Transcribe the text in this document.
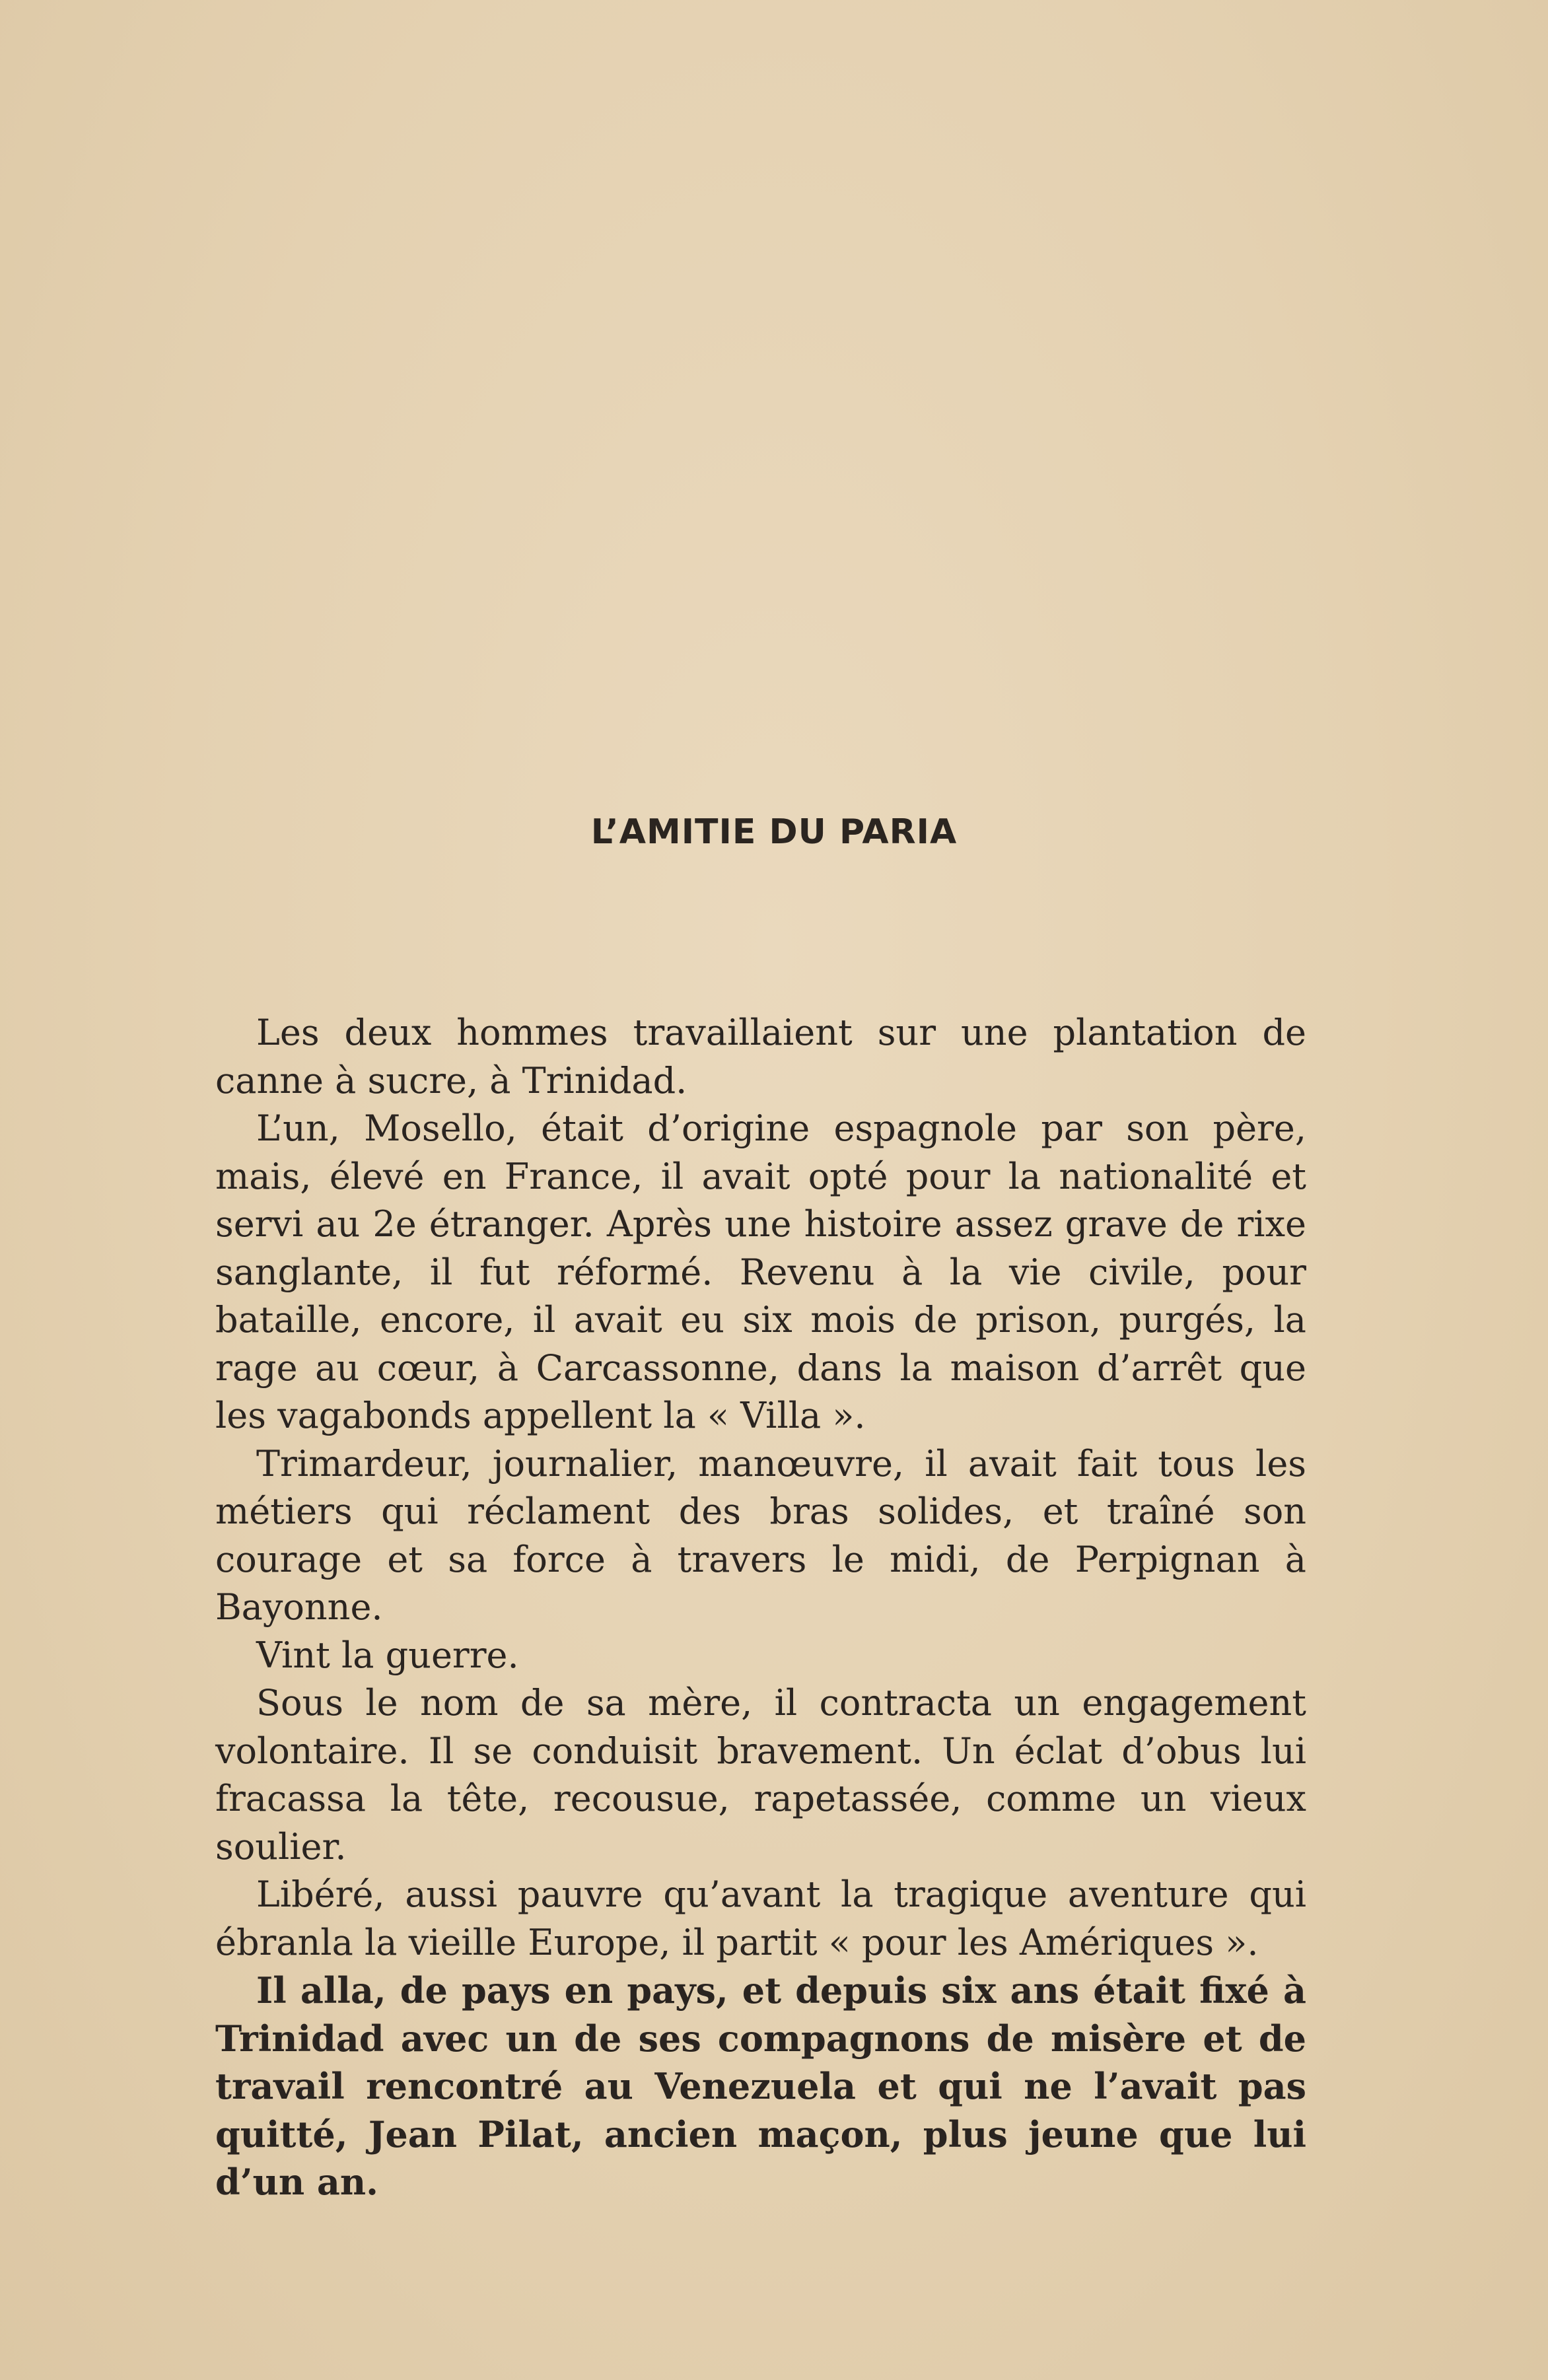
L’AMITIE DU PARIA

Les deux hommes travaillaient sur une plantation de canne à sucre, à Trinidad.

L’un, Mosello, était d’origine espagnole par son père, mais, élevé en France, il avait opté pour la nationalité et servi au 2e étranger. Après une histoire assez grave de rixe sanglante, il fut réformé. Revenu à la vie civile, pour bataille, encore, il avait eu six mois de prison, purgés, la rage au cœur, à Carcassonne, dans la maison d’arrêt que les vagabonds appellent la « Villa ».

Trimardeur, journalier, manœuvre, il avait fait tous les métiers qui réclament des bras solides, et traîné son courage et sa force à travers le midi, de Perpignan à Bayonne.

Vint la guerre.

Sous le nom de sa mère, il contracta un engagement volontaire. Il se conduisit bravement. Un éclat d’obus lui fracassa la tête, recousue, rapetassée, comme un vieux soulier.

Libéré, aussi pauvre qu’avant la tragique aventure qui ébranla la vieille Europe, il partit « pour les Amériques ».

Il alla, de pays en pays, et depuis six ans était fixé à Trinidad avec un de ses compagnons de misère et de travail rencontré au Venezuela et qui ne l’avait pas quitté, Jean Pilat, ancien maçon, plus jeune que lui d’un an.
